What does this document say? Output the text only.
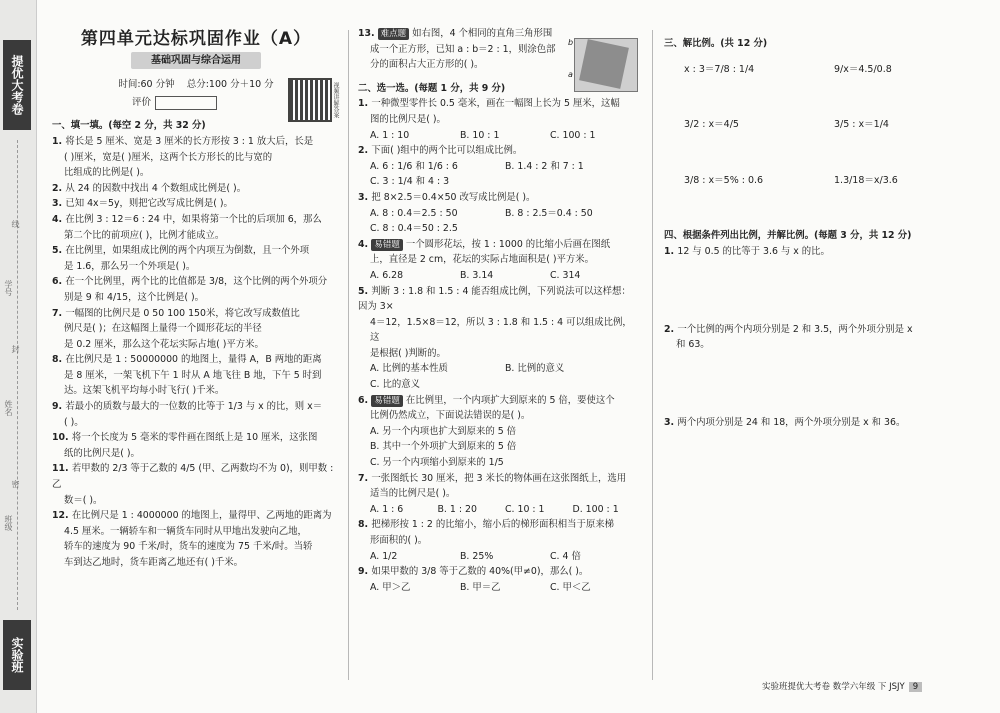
提优大考卷
线
学号
封
姓名
密
班级
实验班
视频讲解答案
第四单元达标巩固作业（A）
基础巩固与综合运用
时间:60 分钟 总分:100 分＋10 分
评价
一、填一填。(每空 2 分，共 32 分)
1. 将长是 5 厘米、宽是 3 厘米的长方形按 3 : 1 放大后，长是
( )厘米，宽是( )厘米，这两个长方形长的比与宽的
比组成的比例是( )。
2. 从 24 的因数中找出 4 个数组成比例是( )。
3. 已知 4x＝5y，则把它改写成比例是( )。
4. 在比例 3 : 12＝6 : 24 中，如果将第一个比的后项加 6，那么
第二个比的前项应( )，比例才能成立。
5. 在比例里，如果组成比例的两个内项互为倒数，且一个外项
是 1.6，那么另一个外项是( )。
6. 在一个比例里，两个比的比值都是 3/8，这个比例的两个外项分
别是 9 和 4/15，这个比例是( )。
7. 一幅图的比例尺是 0 50 100 150米，将它改写成数值比
例尺是( )；在这幅图上量得一个圆形花坛的半径
是 0.2 厘米，那么这个花坛实际占地( )平方米。
8. 在比例尺是 1 : 50000000 的地图上，量得 A，B 两地的距离
是 8 厘米，一架飞机下午 1 时从 A 地飞往 B 地，下午 5 时到
达。这架飞机平均每小时飞行( )千米。
9. 若最小的质数与最大的一位数的比等于 1/3 与 x 的比，则 x＝
( )。
10. 将一个长度为 5 毫米的零件画在图纸上是 10 厘米，这张图
纸的比例尺是( )。
11. 若甲数的 2/3 等于乙数的 4/5 (甲、乙两数均不为 0)，则甲数 : 乙
数＝( )。
12. 在比例尺是 1 : 4000000 的地图上，量得甲、乙两地的距离为
4.5 厘米。一辆轿车和一辆货车同时从甲地出发驶向乙地，
轿车的速度为 90 千米/时，货车的速度为 75 千米/时。当轿
车到达乙地时，货车距离乙地还有( )千米。
13. 难点题 如右图，4 个相同的直角三角形围
成一个正方形，已知 a : b＝2 : 1，则涂色部
分的面积占大正方形的( )。
二、选一选。(每题 1 分，共 9 分)
1. 一种微型零件长 0.5 毫米，画在一幅图上长为 5 厘米，这幅
图的比例尺是( )。
A. 1 : 10	B. 10 : 1	C. 100 : 1
2. 下面( )组中的两个比可以组成比例。
A. 6 : 1/6 和 1/6 : 6	B. 1.4 : 2 和 7 : 1
C. 3 : 1/4 和 4 : 3
3. 把 8×2.5＝0.4×50 改写成比例是( )。
A. 8 : 0.4＝2.5 : 50	B. 8 : 2.5＝0.4 : 50
C. 8 : 0.4＝50 : 2.5
4. 易错题 一个圆形花坛，按 1 : 1000 的比缩小后画在图纸
上，直径是 2 cm，花坛的实际占地面积是( )平方米。
A. 6.28	B. 3.14	C. 314
5. 判断 3 : 1.8 和 1.5 : 4 能否组成比例，下列说法可以这样想：因为 3×
4＝12，1.5×8＝12，所以 3 : 1.8 和 1.5 : 4 可以组成比例，这
是根据( )判断的。
A. 比例的基本性质	B. 比例的意义
C. 比的意义
6. 易错题 在比例里，一个内项扩大到原来的 5 倍，要使这个
比例仍然成立，下面说法错误的是( )。
A. 另一个内项也扩大到原来的 5 倍
B. 其中一个外项扩大到原来的 5 倍
C. 另一个内项缩小到原来的 1/5
7. 一张图纸长 30 厘米，把 3 米长的物体画在这张图纸上，选用
适当的比例尺是( )。
A. 1 : 6	B. 1 : 20	C. 10 : 1	D. 100 : 1
8. 把梯形按 1 : 2 的比缩小，缩小后的梯形面积相当于原来梯
形面积的( )。
A. 1/2	B. 25%	C. 4 倍
9. 如果甲数的 3/8 等于乙数的 40%(甲≠0)，那么( )。
A. 甲＞乙	B. 甲＝乙	C. 甲＜乙
b
a
三、解比例。(共 12 分)
x : 3＝7/8 : 1/4	9/x＝4.5/0.8
3/2 : x＝4/5	3/5 : x＝1/4
3/8 : x＝5% : 0.6	1.3/18＝x/3.6
四、根据条件列出比例，并解比例。(每题 3 分，共 12 分)
1. 12 与 0.5 的比等于 3.6 与 x 的比。
2. 一个比例的两个内项分别是 2 和 3.5，两个外项分别是 x
和 63。
3. 两个内项分别是 24 和 18，两个外项分别是 x 和 36。
实验班提优大考卷 数学六年级 下 JSJY 9
